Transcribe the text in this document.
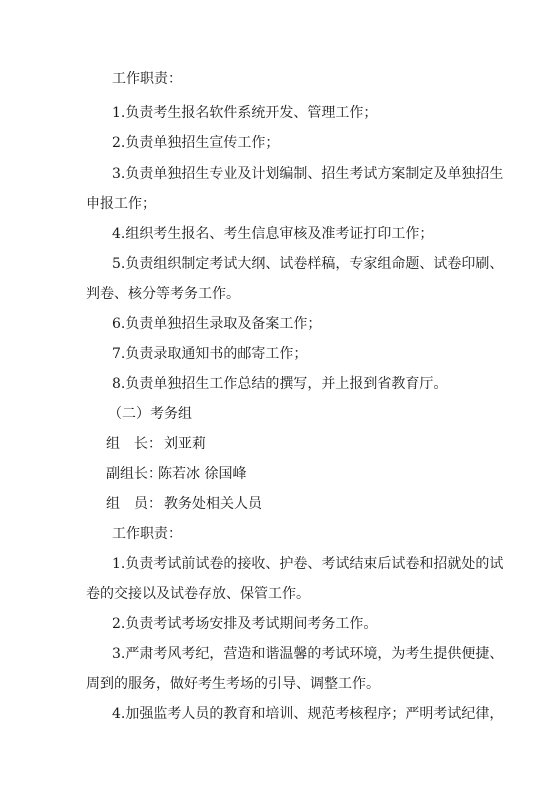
工作职责：
1.负责考生报名软件系统开发、管理工作；
2.负责单独招生宣传工作；
3.负责单独招生专业及计划编制、招生考试方案制定及单独招生
申报工作；
4.组织考生报名、考生信息审核及准考证打印工作；
5.负责组织制定考试大纲、试卷样稿，专家组命题、试卷印刷、
判卷、核分等考务工作。
6.负责单独招生录取及备案工作；
7.负责录取通知书的邮寄工作；
8.负责单独招生工作总结的撰写，并上报到省教育厅。
（二）考务组
组　长： 刘亚莉
副组长：
陈若冰 徐国峰
组　员： 教务处相关人员
工作职责：
1.负责考试前试卷的接收、护卷、考试结束后试卷和招就处的试
卷的交接以及试卷存放、保管工作。
2.负责考试考场安排及考试期间考务工作。
3.严肃考风考纪，营造和谐温馨的考试环境，为考生提供便捷、
周到的服务，做好考生考场的引导、调整工作。
4.加强监考人员的教育和培训、规范考核程序；严明考试纪律，
